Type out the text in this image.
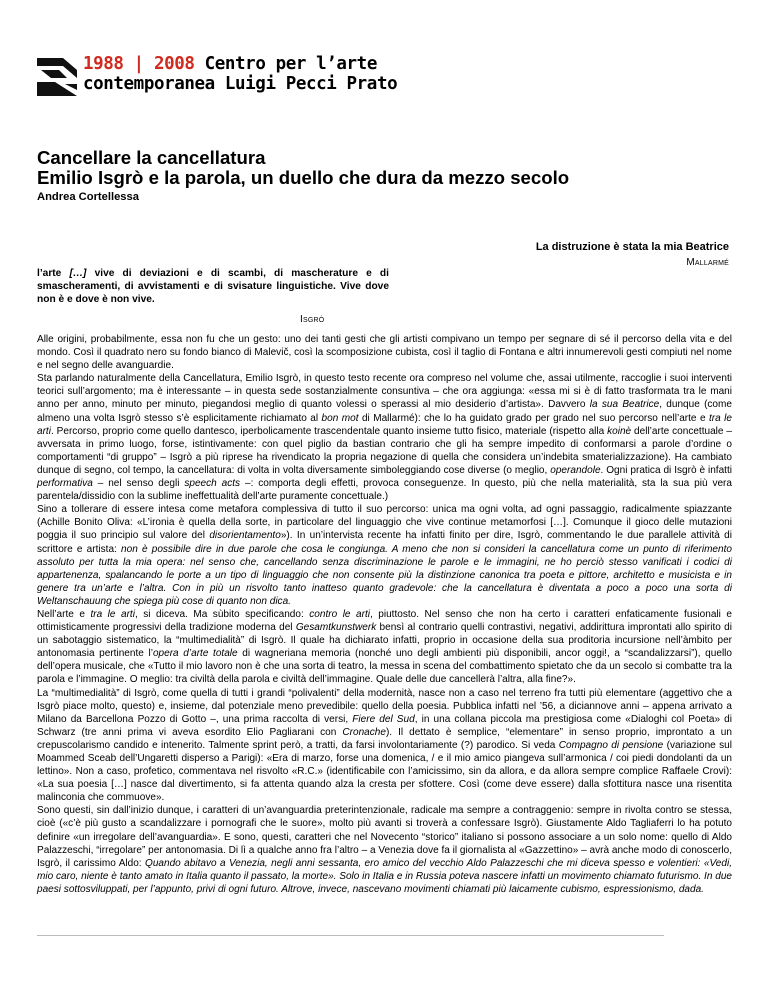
1988 | 2008 Centro per l’arte
contemporanea Luigi Pecci Prato
Cancellare la cancellatura
Emilio Isgrò e la parola, un duello che dura da mezzo secolo
Andrea Cortellessa
La distruzione è stata la mia Beatrice
Mallarmé
l’arte […] vive di deviazioni e di scambi, di mascherature e di smascheramenti, di avvistamenti e di svisature linguistiche. Vive dove non è e dove è non vive.
Isgrò

Alle origini, probabilmente, essa non fu che un gesto: uno dei tanti gesti che gli artisti compivano un tempo per segnare di sé il percorso della vita e del mondo. Così il quadrato nero su fondo bianco di Malevič, così la scomposizione cubista, così il taglio di Fontana e altri innumerevoli gesti compiuti nel nome e nel segno delle avanguardie.

Sta parlando naturalmente della Cancellatura, Emilio Isgrò, in questo testo recente ora compreso nel volume che, assai utilmente, raccoglie i suoi interventi teorici sull’argomento; ma è interessante – in questa sede sostanzialmente consuntiva – che ora aggiunga: «essa mi si è di fatto trasformata tra le mani anno per anno, minuto per minuto, piegandosi meglio di quanto volessi o sperassi al mio desiderio d’artista». Davvero la sua Beatrice, dunque (come almeno una volta Isgrò stesso s’è esplicitamente richiamato al bon mot di Mallarmé): che lo ha guidato grado per grado nel suo percorso nell’arte e tra le arti. Percorso, proprio come quello dantesco, iperbolicamente trascendentale quanto insieme tutto fisico, materiale (rispetto alla koinè dell’arte concettuale – avversata in primo luogo, forse, istintivamente: con quel piglio da bastian contrario che gli ha sempre impedito di conformarsi a parole d’ordine o comportamenti “di gruppo” – Isgrò a più riprese ha rivendicato la propria negazione di quella che considera un’indebita smaterializzazione). Ha cambiato dunque di segno, col tempo, la cancellatura: di volta in volta diversamente simboleggiando cose diverse (o meglio, operandole. Ogni pratica di Isgrò è infatti performativa – nel senso degli speech acts –: comporta degli effetti, provoca conseguenze. In questo, più che nella materialità, sta la sua più vera parentela/dissidio con la sublime ineffettualità dell’arte puramente concettuale.)

Sino a tollerare di essere intesa come metafora complessiva di tutto il suo percorso: unica ma ogni volta, ad ogni passaggio, radicalmente spiazzante (Achille Bonito Oliva: «L’ironia è quella della sorte, in particolare del linguaggio che vive continue metamorfosi […]. Comunque il gioco delle mutazioni poggia il suo principio sul valore del disorientamento»). In un’intervista recente ha infatti finito per dire, Isgrò, commentando le due parallele attività di scrittore e artista: non è possibile dire in due parole che cosa le congiunga. A meno che non si consideri la cancellatura come un punto di riferimento assoluto per tutta la mia opera: nel senso che, cancellando senza discriminazione le parole e le immagini, ne ho perciò stesso vanificati i codici di appartenenza, spalancando le porte a un tipo di linguaggio che non consente più la distinzione canonica tra poeta e pittore, architetto e musicista e in genere tra un’arte e l’altra. Con in più un risvolto tanto inatteso quanto gradevole: che la cancellatura è diventata a poco a poco una sorta di Weltanschauung che spiega più cose di quanto non dica.

Nell’arte e tra le arti, si diceva. Ma sùbito specificando: contro le arti, piuttosto. Nel senso che non ha certo i caratteri enfaticamente fusionali e ottimisticamente progressivi della tradizione moderna del Gesamtkunstwerk bensì al contrario quelli contrastivi, negativi, addirittura improntati allo spirito di un sabotaggio sistematico, la “multimedialità” di Isgrò. Il quale ha dichiarato infatti, proprio in occasione della sua proditoria incursione nell’àmbito per antonomasia pertinente l’opera d’arte totale di wagneriana memoria (nonché uno degli ambienti più disponibili, ancor oggi!, a “scandalizzarsi”), quello dell’opera musicale, che «Tutto il mio lavoro non è che una sorta di teatro, la messa in scena del combattimento spietato che da un secolo si combatte tra la parola e l’immagine. O meglio: tra civiltà della parola e civiltà dell’immagine. Quale delle due cancellerà l’altra, alla fine?».

La “multimedialità” di Isgrò, come quella di tutti i grandi “polivalenti” della modernità, nasce non a caso nel terreno fra tutti più elementare (aggettivo che a Isgrò piace molto, questo) e, insieme, dal potenziale meno prevedibile: quello della poesia. Pubblica infatti nel ’56, a diciannove anni – appena arrivato a Milano da Barcellona Pozzo di Gotto –, una prima raccolta di versi, Fiere del Sud, in una collana piccola ma prestigiosa come «Dialoghi col Poeta» di Schwarz (tre anni prima vi aveva esordito Elio Pagliarani con Cronache). Il dettato è semplice, “elementare” in senso proprio, improntato a un crepuscolarismo candido e intenerito. Talmente sprint però, a tratti, da farsi involontariamente (?) parodico. Si veda Compagno di pensione (variazione sul Moammed Sceab dell’Ungaretti disperso a Parigi): «Era di marzo, forse una domenica, / e il mio amico piangeva sull’armonica / coi piedi dondolanti da un lettino». Non a caso, profetico, commentava nel risvolto «R.C.» (identificabile con l’amicissimo, sin da allora, e da allora sempre complice Raffaele Crovi): «La sua poesia […] nasce dal divertimento, si fa attenta quando alza la cresta per sfottere. Così (come deve essere) dalla sfottitura nasce una risentita malinconia che commuove».

Sono questi, sin dall’inizio dunque, i caratteri di un’avanguardia preterintenzionale, radicale ma sempre a contraggenio: sempre in rivolta contro se stessa, cioè («c’è più gusto a scandalizzare i pornografi che le suore», molto più avanti si troverà a confessare Isgrò). Giustamente Aldo Tagliaferri lo ha potuto definire «un irregolare dell’avanguardia». E sono, questi, caratteri che nel Novecento “storico” italiano si possono associare a un solo nome: quello di Aldo Palazzeschi, “irregolare” per antonomasia. Di lì a qualche anno fra l’altro – a Venezia dove fa il giornalista al «Gazzettino» – avrà anche modo di conoscerlo, Isgrò, il carissimo Aldo: Quando abitavo a Venezia, negli anni sessanta, ero amico del vecchio Aldo Palazzeschi che mi diceva spesso e volentieri: «Vedi, mio caro, niente è tanto amato in Italia quanto il passato, la morte». Solo in Italia e in Russia poteva nascere infatti un movimento chiamato futurismo. In due paesi sottosviluppati, per l’appunto, privi di ogni futuro. Altrove, invece, nascevano movimenti chiamati più laicamente cubismo, espressionismo, dada.
